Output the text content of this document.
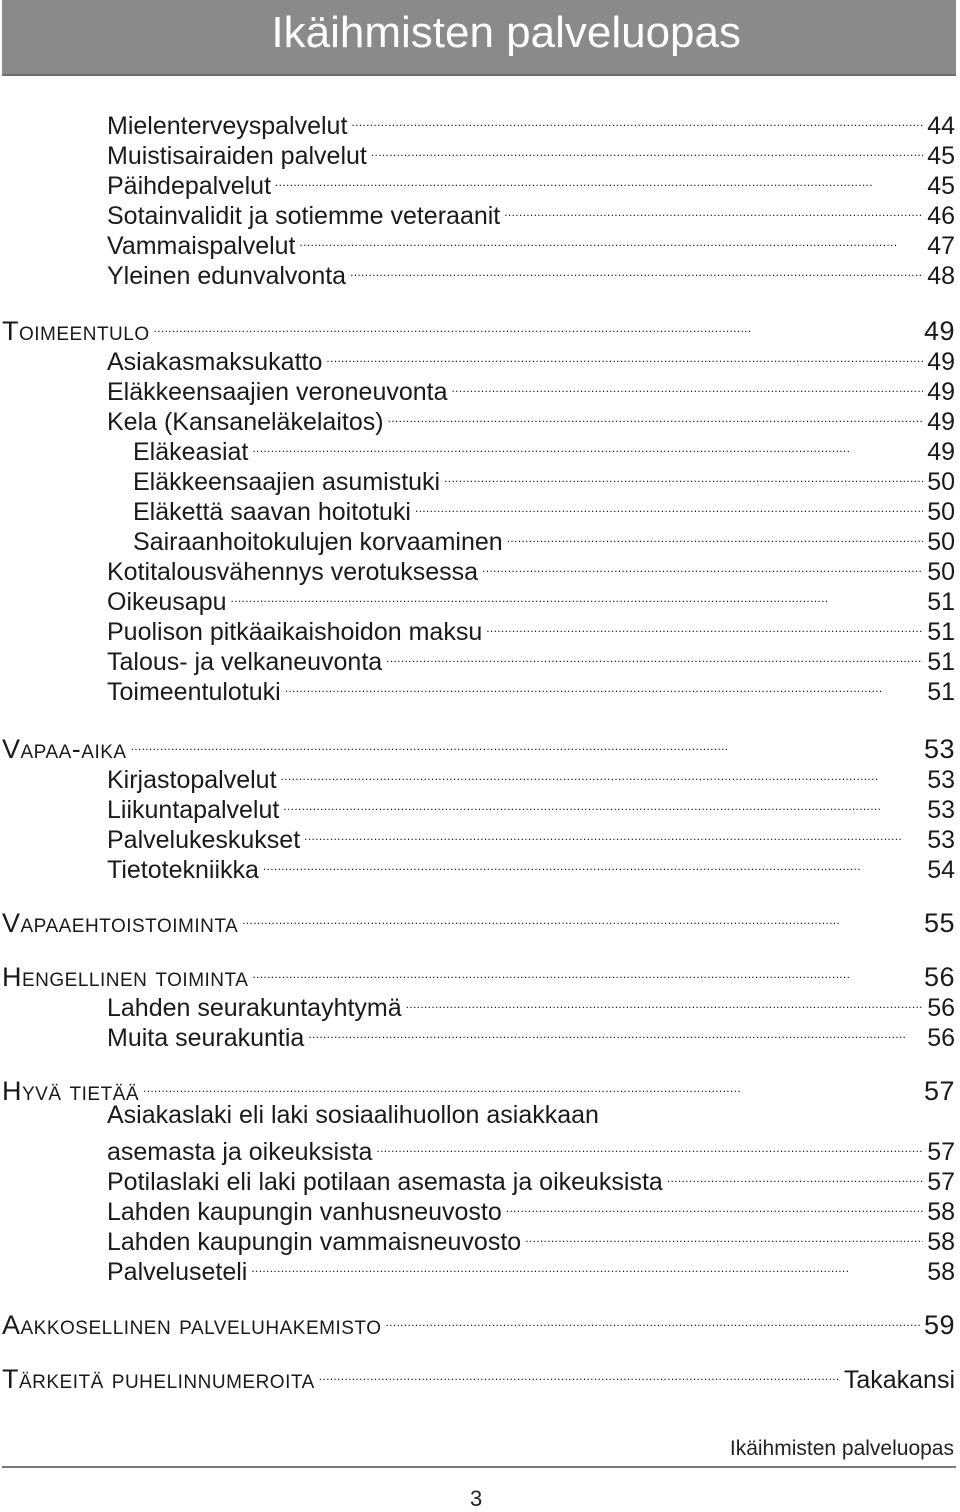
Ikäihmisten palveluopas
Mielenterveyspalvelut . . .	44
Muistisairaiden palvelut . . .	45
Päihdepalvelut . . .	45
Sotainvalidit ja sotiemme veteraanit . . .	46
Vammaispalvelut . . .	47
Yleinen edunvalvonta . . .	48
Toimeentulo . . .	49
Asiakasmaksukatto . . .	49
Eläkkeensaajien veroneuvonta . . .	49
Kela (Kansaneläkelaitos) . . .	49
Eläkeasiat . . .	49
Eläkkeensaajien asumistuki . . .	50
Eläkettä saavan hoitotuki . . .	50
Sairaanhoitokulujen korvaaminen . . .	50
Kotitalousvähennys verotuksessa . . .	50
Oikeusapu . . .	51
Puolison pitkäaikaishoidon maksu . . .	51
Talous- ja velkaneuvonta . . .	51
Toimeentulotuki . . .	51
Vapaa-aika . . .	53
Kirjastopalvelut . . .	53
Liikuntapalvelut . . .	53
Palvelukeskukset . . .	53
Tietotekniikka . . .	54
Vapaaehtoistoiminta . . .	55
Hengellinen toiminta . . .	56
Lahden seurakuntayhtymä . . .	56
Muita seurakuntia . . .	56
Hyvä tietää . . .	57
Asiakaslaki eli laki sosiaalihuollon asiakkaan
asemasta ja oikeuksista . . .	57
Potilaslaki eli laki potilaan asemasta ja oikeuksista . . .	57
Lahden kaupungin vanhusneuvosto . . .	58
Lahden kaupungin vammaisneuvosto . . .	58
Palveluseteli . . .	58
Aakkosellinen palveluhakemisto . . .	59
Tärkeitä puhelinnumeroita . . .	Takakansi
Ikäihmisten palveluopas
3
